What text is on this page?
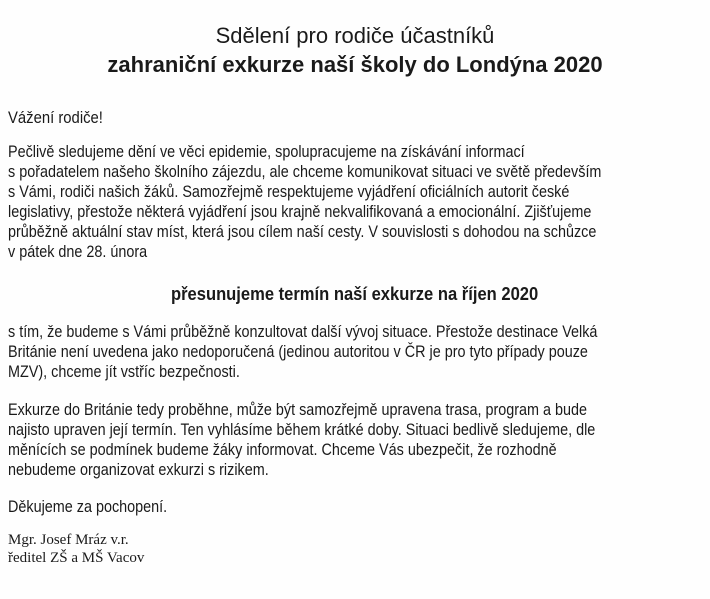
Sdělení pro rodiče účastníků
zahraniční exkurze naší školy do Londýna 2020
Vážení rodiče!
Pečlivě sledujeme dění ve věci epidemie, spolupracujeme na získávání informací
s pořadatelem našeho školního zájezdu, ale chceme komunikovat situaci ve světě především
s Vámi, rodiči našich žáků. Samozřejmě respektujeme vyjádření oficiálních autorit české
legislativy, přestože některá vyjádření jsou krajně nekvalifikovaná a emocionální. Zjišťujeme
průběžně aktuální stav míst, která jsou cílem naší cesty. V souvislosti s dohodou na schůzce
v pátek dne 28. února
přesunujeme termín naší exkurze na říjen 2020
s tím, že budeme s Vámi průběžně konzultovat další vývoj situace. Přestože destinace Velká
Británie není uvedena jako nedoporučená (jedinou autoritou v ČR je pro tyto případy pouze
MZV), chceme jít vstříc bezpečnosti.
Exkurze do Británie tedy proběhne, může být samozřejmě upravena trasa, program a bude
najisto upraven její termín. Ten vyhlásíme během krátké doby. Situaci bedlivě sledujeme, dle
měnících se podmínek budeme žáky informovat. Chceme Vás ubezpečit, že rozhodně
nebudeme organizovat exkurzi s rizikem.
Děkujeme za pochopení.
Mgr. Josef Mráz v.r.
ředitel ZŠ a MŠ Vacov
